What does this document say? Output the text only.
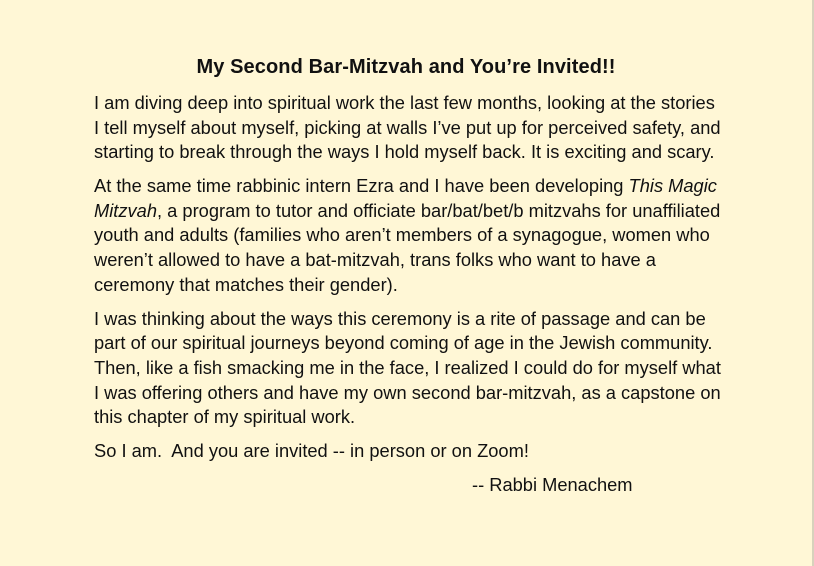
My Second Bar-Mitzvah and You’re Invited!!

I am diving deep into spiritual work the last few months, looking at the stories I tell myself about myself, picking at walls I’ve put up for perceived safety, and starting to break through the ways I hold myself back. It is exciting and scary.

At the same time rabbinic intern Ezra and I have been developing This Magic Mitzvah, a program to tutor and officiate bar/bat/bet/b mitzvahs for unaffiliated youth and adults (families who aren’t members of a synagogue, women who weren’t allowed to have a bat-mitzvah, trans folks who want to have a ceremony that matches their gender).

I was thinking about the ways this ceremony is a rite of passage and can be part of our spiritual journeys beyond coming of age in the Jewish community. Then, like a fish smacking me in the face, I realized I could do for myself what I was offering others and have my own second bar-mitzvah, as a capstone on this chapter of my spiritual work.

So I am.  And you are invited -- in person or on Zoom!

-- Rabbi Menachem
